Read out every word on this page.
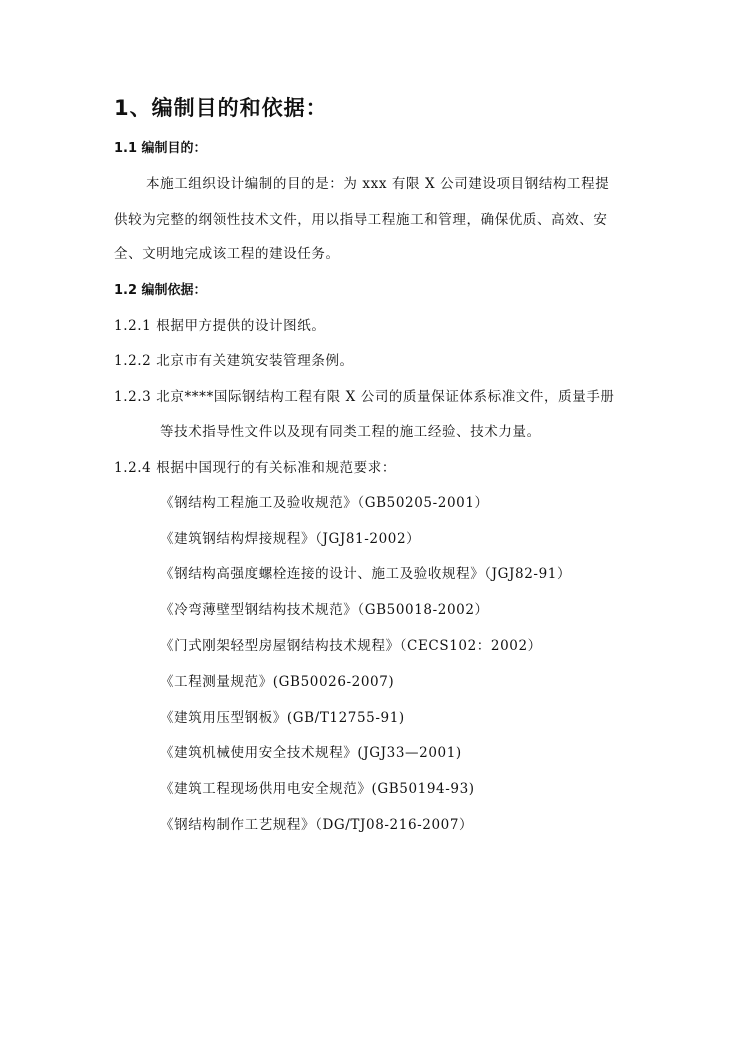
1、编制目的和依据：
1.1 编制目的：
本施工组织设计编制的目的是：为 xxx 有限 X 公司建设项目钢结构工程提
供较为完整的纲领性技术文件，用以指导工程施工和管理，确保优质、高效、安
全、文明地完成该工程的建设任务。
1.2 编制依据：
1.2.1 根据甲方提供的设计图纸。
1.2.2 北京市有关建筑安装管理条例。
1.2.3 北京****国际钢结构工程有限 X 公司的质量保证体系标准文件，质量手册
等技术指导性文件以及现有同类工程的施工经验、技术力量。
1.2.4 根据中国现行的有关标准和规范要求：
《钢结构工程施工及验收规范》（GB50205-2001）
《建筑钢结构焊接规程》（JGJ81-2002）
《钢结构高强度螺栓连接的设计、施工及验收规程》（JGJ82-91）
《冷弯薄壁型钢结构技术规范》（GB50018-2002）
《门式刚架轻型房屋钢结构技术规程》（CECS102：2002）
《工程测量规范》(GB50026-2007)
《建筑用压型钢板》(GB/T12755-91)
《建筑机械使用安全技术规程》(JGJ33—2001)
《建筑工程现场供用电安全规范》(GB50194-93)
《钢结构制作工艺规程》（DG/TJ08-216-2007）
